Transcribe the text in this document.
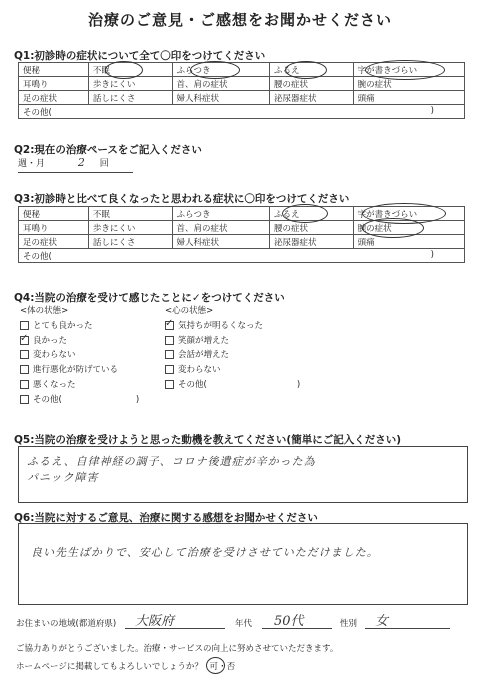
治療のご意見・ご感想をお聞かせください
Q1:初診時の症状について全て〇印をつけてください
便秘	不眠	ふらつき	ふるえ	字が書きづらい
耳鳴り	歩きにくい	首、肩の症状	腰の症状	腕の症状
足の症状	話しにくさ	婦人科症状	泌尿器症状	頭痛
その他( )				
Q2:現在の治療ペースをご記入ください
週・月	2 回
Q3:初診時と比べて良くなったと思われる症状に〇印をつけてください
便秘	不眠	ふらつき	ふるえ	字が書きづらい
耳鳴り	歩きにくい	首、肩の症状	腰の症状	腕の症状
足の症状	話しにくさ	婦人科症状	泌尿器症状	頭痛
その他( )				
Q4:当院の治療を受けて感じたことに✓をつけてください
<体の状態>
とても良かった
✓良かった
変わらない
進行悪化が防げている
悪くなった
その他(	)
<心の状態>
✓気持ちが明るくなった
笑顔が増えた
会話が増えた
変わらない
その他(	)
Q5:当院の治療を受けようと思った動機を教えてください(簡単にご記入ください)
ふるえ、自律神経の調子、コロナ後遺症が辛かった為
パニック障害
Q6:当院に対するご意見、治療に関する感想をお聞かせください
良い先生ばかりで、安心して治療を受けさせていただけました。
お住まいの地域(都道府県)	大阪府	年代	50代	性別	女
ご協力ありがとうございました。治療・サービスの向上に努めさせていただきます。
ホームページに掲載してもよろしいでしょうか？ 可
・否
